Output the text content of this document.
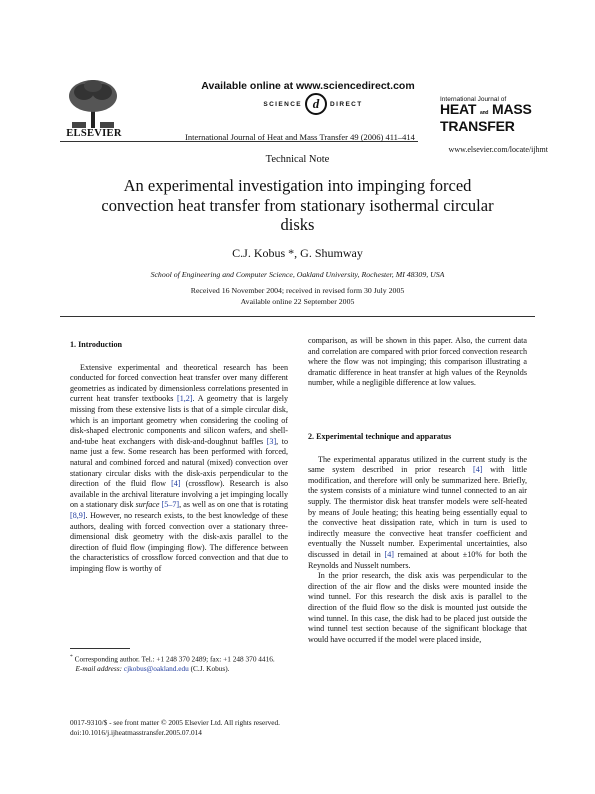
ELSEVIER
Available online at www.sciencedirect.com
SCIENCE d	DIRECT
International Journal of Heat and Mass Transfer 49 (2006) 411–414
International Journal of
HEAT and MASS
TRANSFER
www.elsevier.com/locate/ijhmt
Technical Note
An experimental investigation into impinging forced convection heat transfer from stationary isothermal circular disks
C.J. Kobus *, G. Shumway
School of Engineering and Computer Science, Oakland University, Rochester, MI 48309, USA
Received 16 November 2004; received in revised form 30 July 2005
Available online 22 September 2005
1. Introduction

Extensive experimental and theoretical research has been conducted for forced convection heat transfer over many different geometries as indicated by dimensionless correlations presented in current heat transfer textbooks [1,2]. A geometry that is largely missing from these extensive lists is that of a simple circular disk, which is an important geometry when considering the cooling of disk-shaped electronic components and silicon wafers, and shell-and-tube heat exchangers with disk-and-doughnut baffles [3], to name just a few. Some research has been performed with forced, natural and combined forced and natural (mixed) convection over stationary circular disks with the disk-axis perpendicular to the direction of the fluid flow [4] (crossflow). Research is also available in the archival literature involving a jet impinging locally on a stationary disk surface [5–7], as well as on one that is rotating [8,9]. However, no research exists, to the best knowledge of these authors, dealing with forced convection over a stationary three-dimensional disk geometry with the disk-axis parallel to the direction of fluid flow (impinging flow). The difference between the characteristics of crossflow forced convection and that due to impinging flow is worthy of

comparison, as will be shown in this paper. Also, the current data and correlation are compared with prior forced convection research where the flow was not impinging; this comparison illustrating a dramatic difference in heat transfer at high values of the Reynolds number, while a negligible difference at low values.

2. Experimental technique and apparatus

The experimental apparatus utilized in the current study is the same system described in prior research [4] with little modification, and therefore will only be summarized here. Briefly, the system consists of a miniature wind tunnel connected to an air supply. The thermistor disk heat transfer models were self-heated by means of Joule heating; this heating being essentially equal to the convective heat dissipation rate, which in turn is used to indirectly measure the convective heat transfer coefficient and eventually the Nusselt number. Experimental uncertainties, also discussed in detail in [4] remained at about ±10% for both the Reynolds and Nusselt numbers.

In the prior research, the disk axis was perpendicular to the direction of the air flow and the disks were mounted inside the wind tunnel. For this research the disk axis is parallel to the direction of the fluid flow so the disk is mounted just outside the wind tunnel. In this case, the disk had to be placed just outside the wind tunnel test section because of the significant blockage that would have occurred if the model were placed inside,

* Corresponding author. Tel.: +1 248 370 2489; fax: +1 248 370 4416.
E-mail address: cjkobus@oakland.edu (C.J. Kobus).
0017-9310/$ - see front matter © 2005 Elsevier Ltd. All rights reserved.
doi:10.1016/j.ijheatmasstransfer.2005.07.014
